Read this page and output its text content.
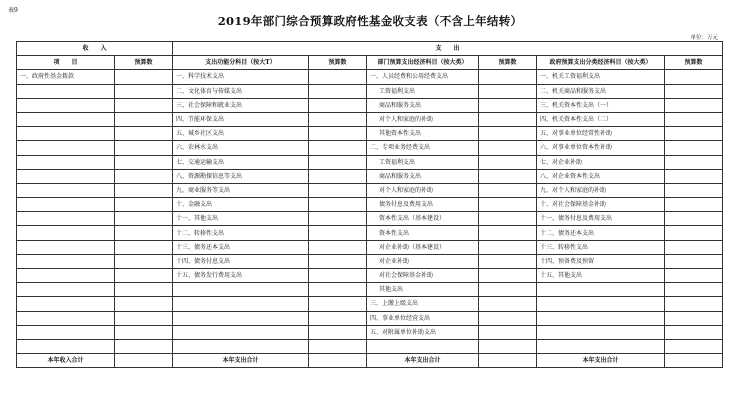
表9
2019年部门综合预算政府性基金收支表（不含上年结转）
单位：万元
收　　入		支　　出					
项　　目	预算数	支出功能分科目（按大T）	预算数	部门预算支出经济科目（按大类）	预算数	政府预算支出分类经济科目（按大类）	预算数
一、政府性基金拨款		一、科学技术支出		一、人员经费和公用经费支出		一、机关工资福利支出	
		二、文化体育与传媒支出		工资福利支出		二、机关商品和服务支出	
		三、社会保障和就业支出		商品和服务支出		三、机关资本性支出（一）	
		四、节能环保支出		对个人和家庭的补助		四、机关资本性支出（二）	
		五、城乡社区支出		其他资本性支出		五、对事业单位经常性补助	
		六、农林水支出		二、专项业务经费支出		六、对事业单位资本性补助	
		七、交通运输支出		工资福利支出		七、对企业补助	
		八、资源勘探信息等支出		商品和服务支出		八、对企业资本性支出	
		九、商业服务等支出		对个人和家庭的补助		九、对个人和家庭的补助	
		十、金融支出		债务付息及费用支出		十、对社会保障基金补助	
		十一、其他支出		资本性支出（基本建设）		十一、债务付息及费用支出	
		十二、转移性支出		资本性支出		十二、债务还本支出	
		十三、债务还本支出		对企业补助（基本建设）		十三、转移性支出	
		十四、债务付息支出		对企业补助		十四、预备费及预留	
		十五、债务发行费用支出		对社会保障基金补助		十五、其他支出	
				其他支出			
				三、上缴上级支出			
				四、事业单位经营支出			
				五、对附属单位补助支出			

本年收入合计		本年支出合计		本年支出合计		本年支出合计	
